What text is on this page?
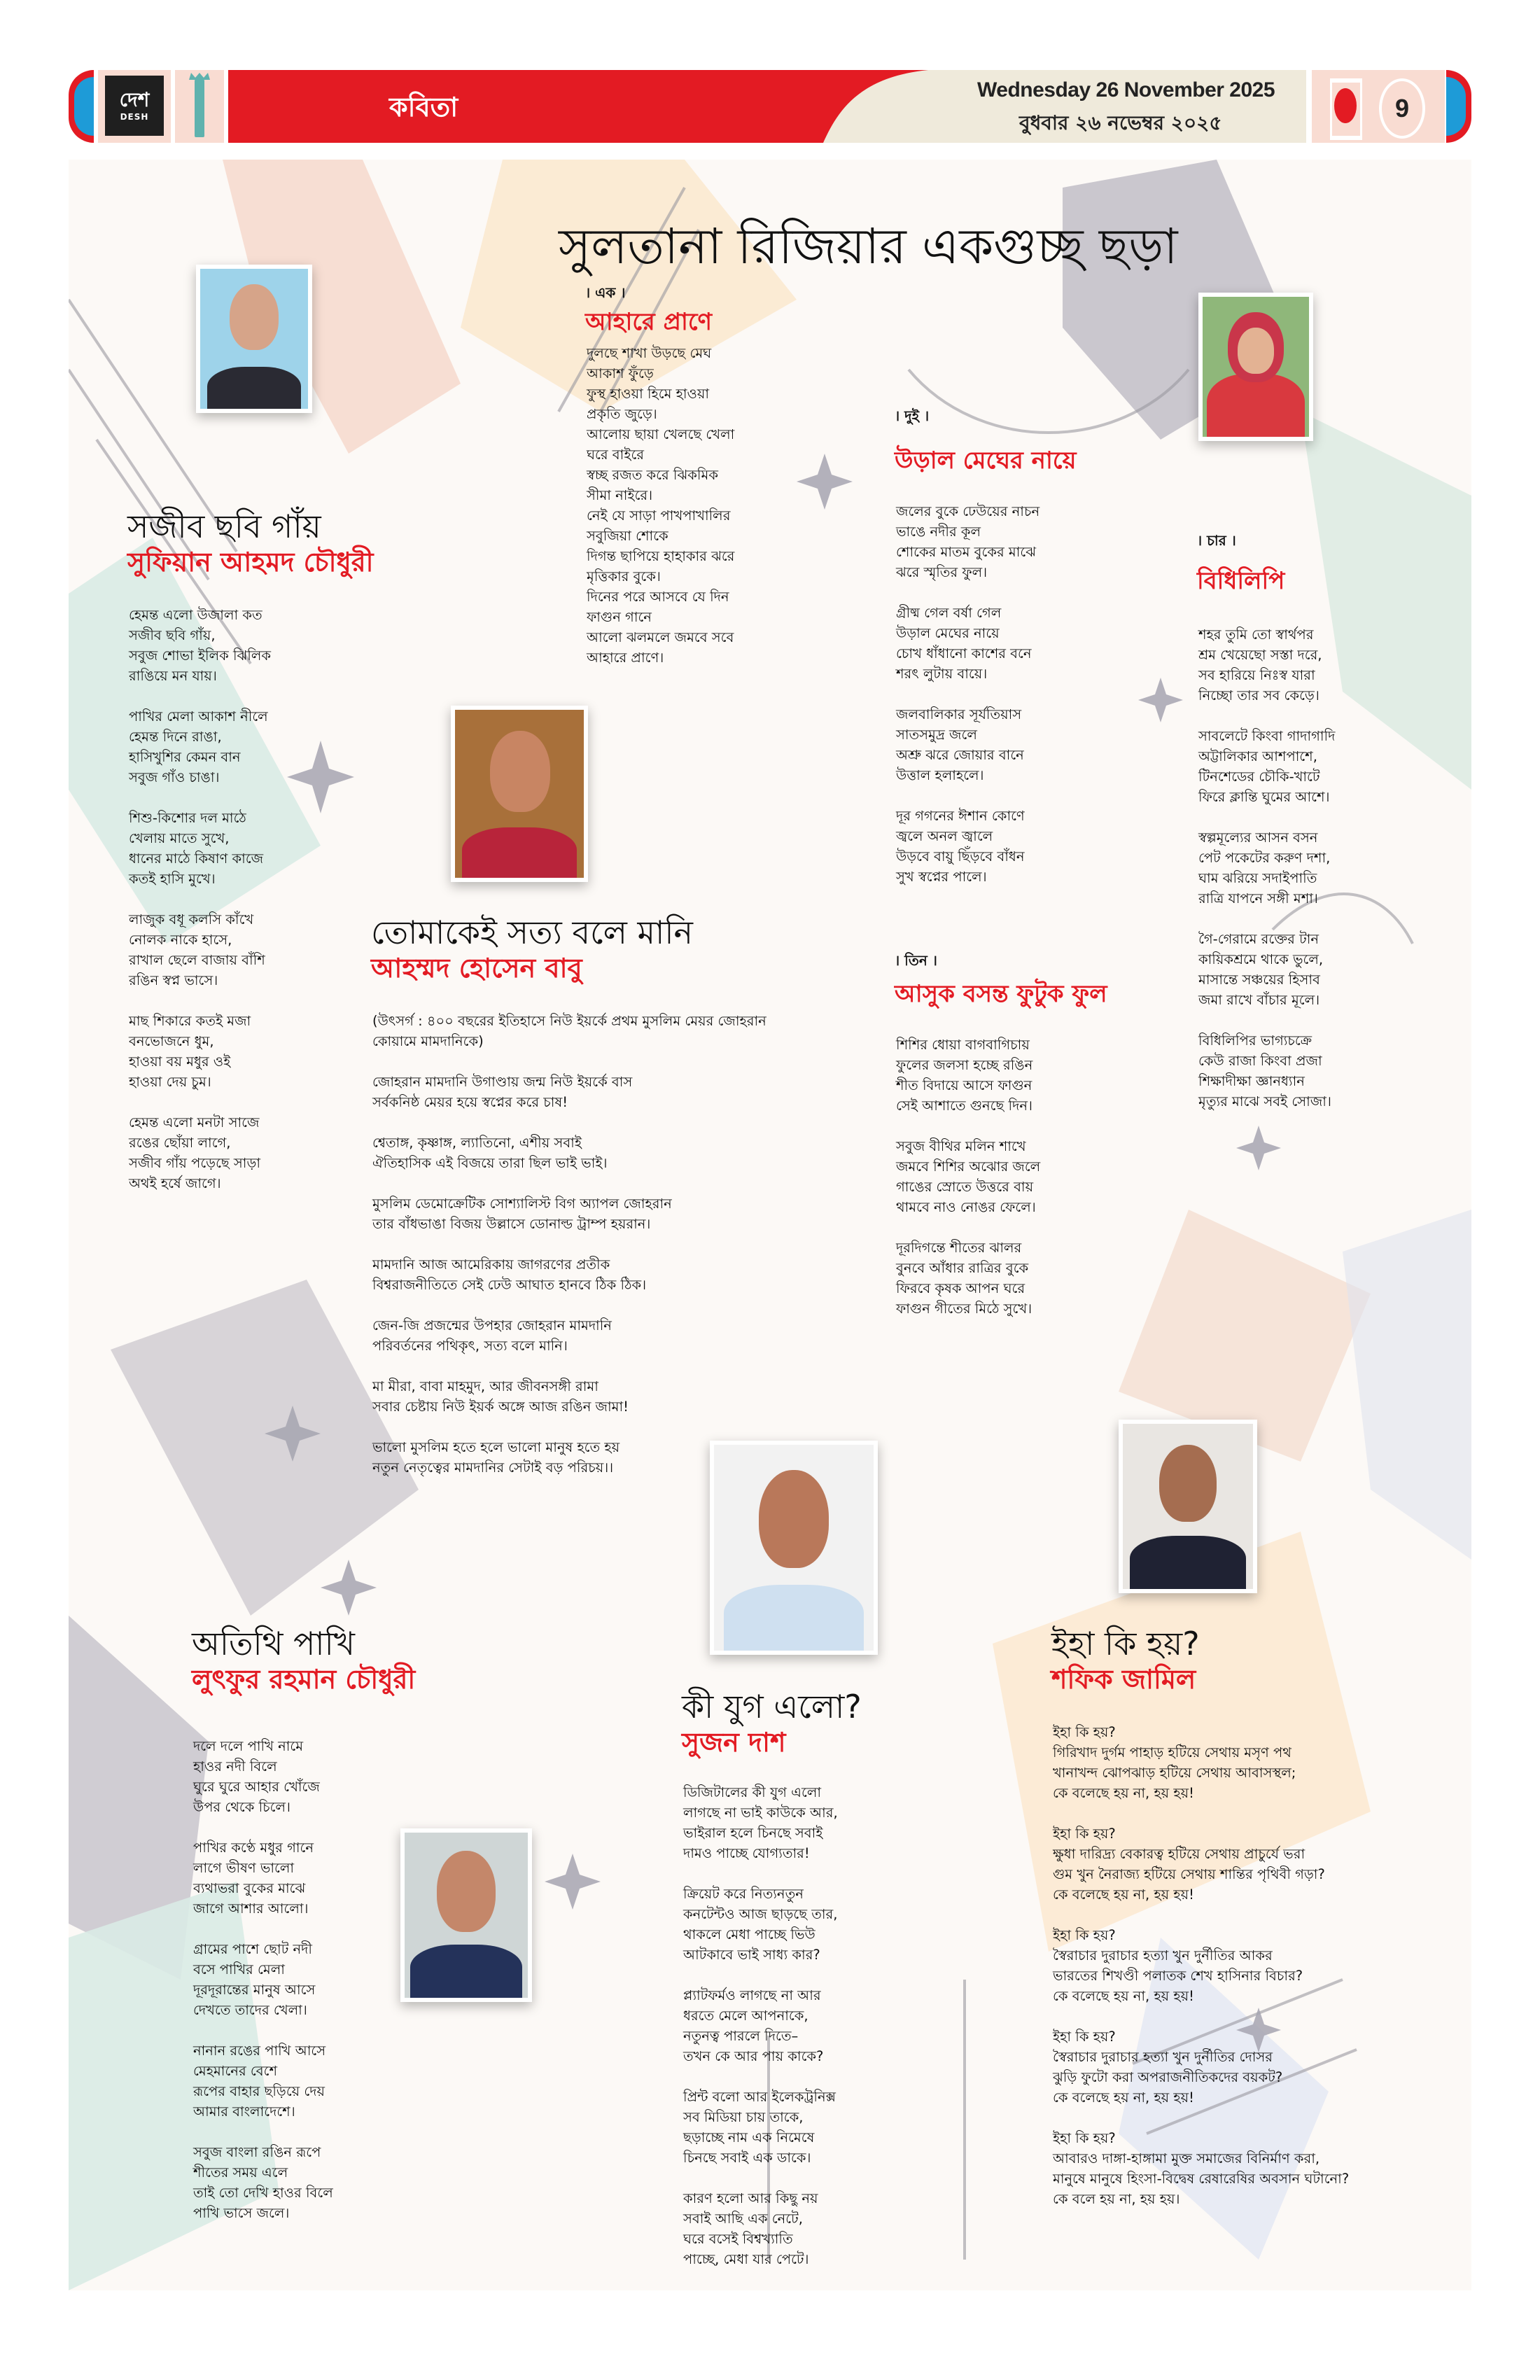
দেশ
DESH	কবিতা
Wednesday 26 November 2025
বুধবার ২৬ নভেম্বর ২০২৫
9
সুলতানা রিজিয়ার একগুচ্ছ ছড়া
সজীব ছবি গাঁয়
সুফিয়ান আহমদ চৌধুরী
হেমন্ত এলো উজালা কত
সজীব ছবি গাঁয়,
সবুজ শোভা ইলিক ঝিলিক
রাঙিয়ে মন যায়।
পাখির মেলা আকাশ নীলে
হেমন্ত দিনে রাঙা,
হাসিখুশির কেমন বান
সবুজ গাঁও চাঙা।
শিশু-কিশোর দল মাঠে
খেলায় মাতে সুখে,
ধানের মাঠে কিষাণ কাজে
কতই হাসি মুখে।
লাজুক বধূ কলসি কাঁখে
নোলক নাকে হাসে,
রাখাল ছেলে বাজায় বাঁশি
রঙিন স্বপ্ন ভাসে।
মাছ শিকারে কতই মজা
বনভোজনে ধুম,
হাওয়া বয় মধুর ওই
হাওয়া দেয় চুম।
হেমন্ত এলো মনটা সাজে
রঙের ছোঁয়া লাগে,
সজীব গাঁয় পড়েছে সাড়া
অথই হর্ষে জাগে।
। এক ।
আহারে প্রাণে
দুলছে শাখা উড়ছে মেঘ
আকাশ ফুঁড়ে
ফুস্থ হাওয়া হিমে হাওয়া
প্রকৃতি জুড়ে।
আলোয় ছায়া খেলছে খেলা
ঘরে বাইরে
স্বচ্ছ রজত করে ঝিকমিক
সীমা নাইরে।
নেই যে সাড়া পাখপাখালির
সবুজিয়া শোকে
দিগন্ত ছাপিয়ে হাহাকার ঝরে
মৃত্তিকার বুকে।
দিনের পরে আসবে যে দিন
ফাগুন গানে
আলো ঝলমলে জমবে সবে
আহারে প্রাণে।
। দুই ।
উড়াল মেঘের নায়ে
জলের বুকে ঢেউয়ের নাচন
ভাঙে নদীর কূল
শোকের মাতম বুকের মাঝে
ঝরে স্মৃতির ফুল।
গ্রীষ্ম গেল বর্ষা গেল
উড়াল মেঘের নায়ে
চোখ ধাঁধানো কাশের বনে
শরৎ লুটায় বায়ে।
জলবালিকার সূর্যতিয়াস
সাতসমুদ্র জলে
অশ্রু ঝরে জোয়ার বানে
উত্তাল হলাহলে।
দূর গগনের ঈশান কোণে
জ্বলে অনল জ্বালে
উড়বে বায়ু ছিঁড়বে বাঁধন
সুখ স্বপ্নের পালে।
। তিন ।
আসুক বসন্ত ফুটুক ফুল
শিশির ধোয়া বাগবাগিচায়
ফুলের জলসা হচ্ছে রঙিন
শীত বিদায়ে আসে ফাগুন
সেই আশাতে গুনছে দিন।
সবুজ বীথির মলিন শাখে
জমবে শিশির অঝোর জলে
গাঙের স্রোতে উত্তরে বায়
থামবে নাও নোঙর ফেলে।
দূরদিগন্তে শীতের ঝালর
বুনবে আঁধার রাত্রির বুকে
ফিরবে কৃষক আপন ঘরে
ফাগুন গীতের মিঠে সুখে।
। চার ।
বিধিলিপি
শহর তুমি তো স্বার্থপর
শ্রম খেয়েছো সস্তা দরে,
সব হারিয়ে নিঃস্ব যারা
নিচ্ছো তার সব কেড়ে।
সাবলেটে কিংবা গাদাগাদি
অট্টালিকার আশপাশে,
টিনশেডের চৌকি-খাটে
ফিরে ক্লান্তি ঘুমের আশে।
স্বল্পমূল্যের আসন বসন
পেট পকেটের করুণ দশা,
ঘাম ঝরিয়ে সদাইপাতি
রাত্রি যাপনে সঙ্গী মশা।
গৈ-গেরামে রক্তের টান
কায়িকশ্রমে থাকে ভুলে,
মাসান্তে সঞ্চয়ের হিসাব
জমা রাখে বাঁচার মূলে।
বিধিলিপির ভাগ্যচক্রে
কেউ রাজা কিংবা প্রজা
শিক্ষাদীক্ষা জ্ঞানধ্যান
মৃত্যুর মাঝে সবই সোজা।
তোমাকেই সত্য বলে মানি
আহম্মদ হোসেন বাবু
(উৎসর্গ : ৪০০ বছরের ইতিহাসে নিউ ইয়র্কে প্রথম মুসলিম মেয়র জোহরান
কোয়ামে মামদানিকে)
জোহরান মামদানি উগাণ্ডায় জন্ম নিউ ইয়র্কে বাস
সর্বকনিষ্ঠ মেয়র হয়ে স্বপ্নের করে চাষ!
শ্বেতাঙ্গ, কৃষ্ণাঙ্গ, ল্যাতিনো, এশীয় সবাই
ঐতিহাসিক এই বিজয়ে তারা ছিল ভাই ভাই।
মুসলিম ডেমোক্রেটিক সোশ্যালিস্ট বিগ অ্যাপল জোহরান
তার বাঁধভাঙা বিজয় উল্লাসে ডোনাল্ড ট্রাম্প হয়রান।
মামদানি আজ আমেরিকায় জাগরণের প্রতীক
বিশ্বরাজনীতিতে সেই ঢেউ আঘাত হানবে ঠিক ঠিক।
জেন-জি প্রজন্মের উপহার জোহরান মামদানি
পরিবর্তনের পথিকৃৎ, সত্য বলে মানি।
মা মীরা, বাবা মাহমুদ, আর জীবনসঙ্গী রামা
সবার চেষ্টায় নিউ ইয়র্ক অঙ্গে আজ রঙিন জামা!
ভালো মুসলিম হতে হলে ভালো মানুষ হতে হয়
নতুন নেতৃত্বের মামদানির সেটাই বড় পরিচয়।।
অতিথি পাখি
লুৎফুর রহমান চৌধুরী
দলে দলে পাখি নামে
হাওর নদী বিলে
ঘুরে ঘুরে আহার খোঁজে
উপর থেকে চিলে।
পাখির কণ্ঠে মধুর গানে
লাগে ভীষণ ভালো
ব্যথাভরা বুকের মাঝে
জাগে আশার আলো।
গ্রামের পাশে ছোট নদী
বসে পাখির মেলা
দূরদূরান্তের মানুষ আসে
দেখতে তাদের খেলা।
নানান রঙের পাখি আসে
মেহমানের বেশে
রূপের বাহার ছড়িয়ে দেয়
আমার বাংলাদেশে।
সবুজ বাংলা রঙিন রূপে
শীতের সময় এলে
তাই তো দেখি হাওর বিলে
পাখি ভাসে জলে।
কী যুগ এলো?
সুজন দাশ
ডিজিটালের কী যুগ এলো
লাগছে না ভাই কাউকে আর,
ভাইরাল হলে চিনছে সবাই
দামও পাচ্ছে যোগ্যতার!
ক্রিয়েট করে নিত্যনতুন
কনটেন্টও আজ ছাড়ছে তার,
থাকলে মেধা পাচ্ছে ভিউ
আটকাবে ভাই সাধ্য কার?
প্ল্যাটফর্মও লাগছে না আর
ধরতে মেলে আপনাকে,
নতুনত্ব পারলে দিতে–
তখন কে আর পায় কাকে?
প্রিন্ট বলো আর ইলেকট্রনিক্স
সব মিডিয়া চায় তাকে,
ছড়াচ্ছে নাম এক নিমেষে
চিনছে সবাই এক ডাকে।
কারণ হলো আর কিছু নয়
সবাই আছি এক নেটে,
ঘরে বসেই বিশ্বখ্যাতি
পাচ্ছে, মেধা যার পেটে।
ইহা কি হয়?
শফিক জামিল
ইহা কি হয়?
গিরিখাদ দুর্গম পাহাড় হটিয়ে সেথায় মসৃণ পথ
খানাখন্দ ঝোপঝাড় হটিয়ে সেথায় আবাসস্থল;
কে বলেছে হয় না, হয় হয়!
ইহা কি হয়?
ক্ষুধা দারিদ্র্য বেকারত্ব হটিয়ে সেথায় প্রাচুর্যে ভরা
গুম খুন নৈরাজ্য হটিয়ে সেথায় শান্তির পৃথিবী গড়া?
কে বলেছে হয় না, হয় হয়!
ইহা কি হয়?
স্বৈরাচার দুরাচার হত্যা খুন দুর্নীতির আকর
ভারতের শিখণ্ডী পলাতক শেখ হাসিনার বিচার?
কে বলেছে হয় না, হয় হয়!
ইহা কি হয়?
স্বৈরাচার দুরাচার হত্যা খুন দুর্নীতির দোসর
ঝুড়ি ফুটো করা অপরাজনীতিকদের বয়কট?
কে বলেছে হয় না, হয় হয়!
ইহা কি হয়?
আবারও দাঙ্গা-হাঙ্গামা মুক্ত সমাজের বিনির্মাণ করা,
মানুষে মানুষে হিংসা-বিদ্বেষ রেষারেষির অবসান ঘটানো?
কে বলে হয় না, হয় হয়।
